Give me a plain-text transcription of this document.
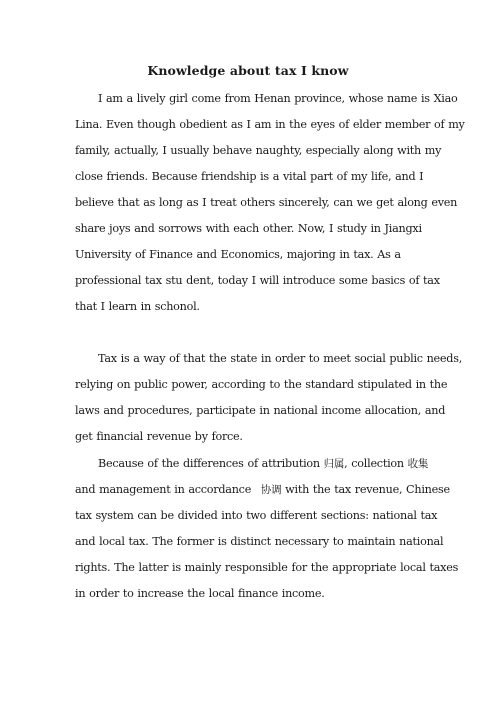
Knowledge about tax I know
I am a lively girl come from Henan province, whose name is Xiao
Lina. Even though obedient as I am in the eyes of elder member of my
family, actually, I usually behave naughty, especially along with my
close friends. Because friendship is a vital part of my life, and I
believe that as long as I treat others sincerely, can we get along even
share joys and sorrows with each other. Now, I study in Jiangxi
University of Finance and Economics, majoring in tax. As a
professional tax stu dent, today I will introduce some basics of tax
that I learn in schonol.
Tax is a way of that the state in order to meet social public needs,
relying on public power, according to the standard stipulated in the
laws and procedures, participate in national income allocation, and
get financial revenue by force.
Because of the differences of attribution 归属, collection 收集
and management in accordance 协调 with the tax revenue, Chinese
tax system can be divided into two different sections: national tax
and local tax. The former is distinct necessary to maintain national
rights. The latter is mainly responsible for the appropriate local taxes
in order to increase the local finance income.
